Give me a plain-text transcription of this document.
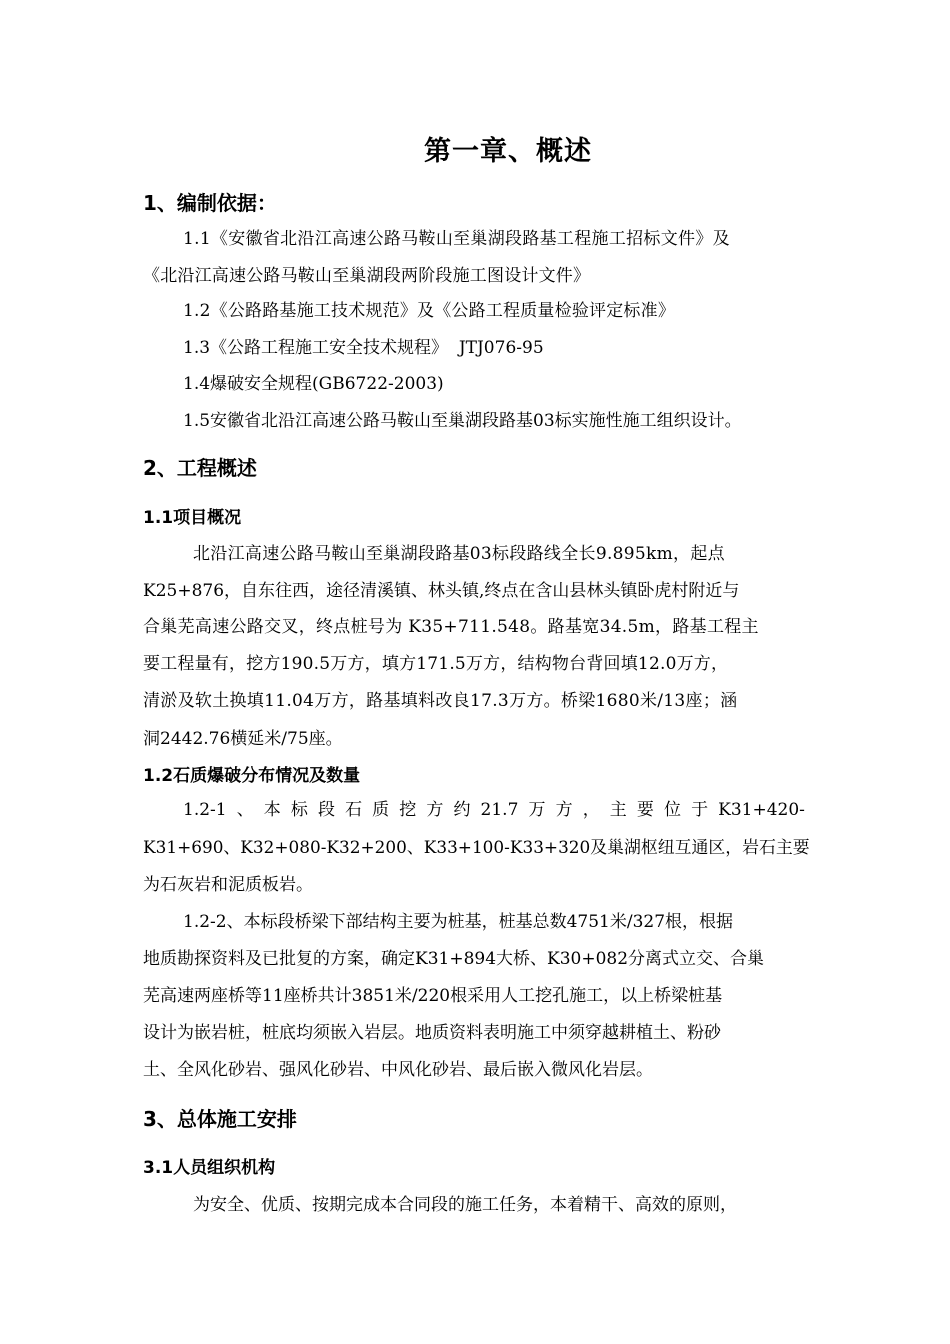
第一章、概述
1、编制依据：
1.1《安徽省北沿江高速公路马鞍山至巢湖段路基工程施工招标文件》及
《北沿江高速公路马鞍山至巢湖段两阶段施工图设计文件》
1.2《公路路基施工技术规范》及《公路工程质量检验评定标准》
1.3《公路工程施工安全技术规程》  JTJ076-95
1.4爆破安全规程(GB6722-2003)
1.5安徽省北沿江高速公路马鞍山至巢湖段路基03标实施性施工组织设计。
2、工程概述
1.1项目概况
北沿江高速公路马鞍山至巢湖段路基03标段路线全长9.895km，起点
K25+876，自东往西，途径清溪镇、林头镇,终点在含山县林头镇卧虎村附近与
合巢芜高速公路交叉，终点桩号为 K35+711.548。路基宽34.5m，路基工程主
要工程量有，挖方190.5万方，填方171.5万方，结构物台背回填12.0万方，
清淤及软土换填11.04万方，路基填料改良17.3万方。桥梁1680米/13座；涵
洞2442.76横延米/75座。
1.2石质爆破分布情况及数量
1.2-1 、 本 标 段 石 质 挖 方 约 21.7 万 方 ， 主 要 位 于 K31+420-
K31+690、K32+080-K32+200、K33+100-K33+320及巢湖枢纽互通区，岩石主要
为石灰岩和泥质板岩。
1.2-2、本标段桥梁下部结构主要为桩基，桩基总数4751米/327根，根据
地质勘探资料及已批复的方案，确定K31+894大桥、K30+082分离式立交、合巢
芜高速两座桥等11座桥共计3851米/220根采用人工挖孔施工，以上桥梁桩基
设计为嵌岩桩，桩底均须嵌入岩层。地质资料表明施工中须穿越耕植土、粉砂
土、全风化砂岩、强风化砂岩、中风化砂岩、最后嵌入微风化岩层。
3、总体施工安排
3.1人员组织机构
为安全、优质、按期完成本合同段的施工任务，本着精干、高效的原则，
